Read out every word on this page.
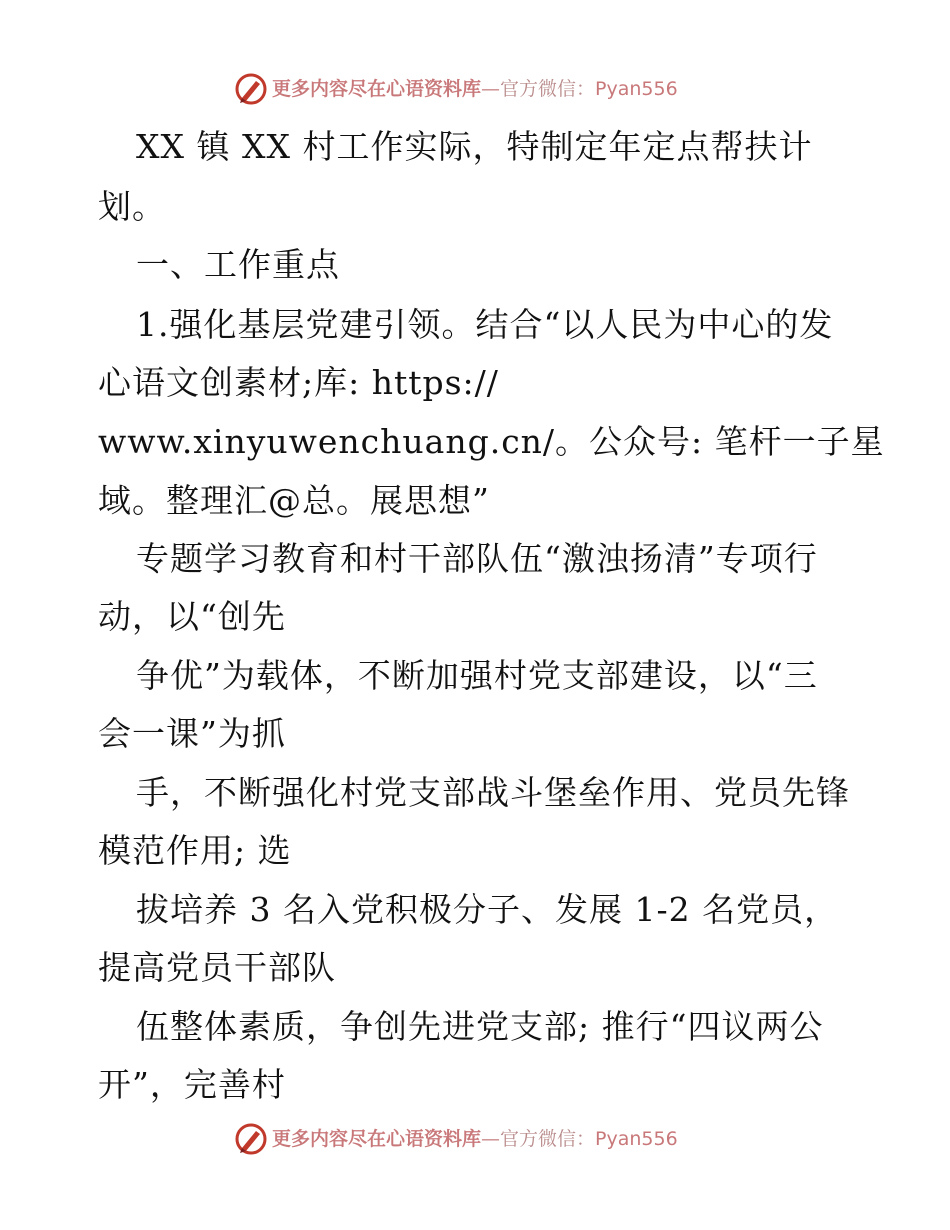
更多内容尽在心语资料库—官方微信：Pyan556
XX 镇 XX 村工作实际，特制定年定点帮扶计
划。
一、工作重点
1.强化基层党建引领。结合“以人民为中心的发
心语文创素材;库: https://
www.xinyuwenchuang.cn/。公众号: 笔杆一子星
域。整理汇@总。展思想”
专题学习教育和村干部队伍“激浊扬清”专项行
动，以“创先
争优”为载体，不断加强村党支部建设，以“三
会一课”为抓
手，不断强化村党支部战斗堡垒作用、党员先锋
模范作用; 选
拔培养 3 名入党积极分子、发展 1-2 名党员，
提高党员干部队
伍整体素质，争创先进党支部; 推行“四议两公
开”，完善村
更多内容尽在心语资料库—官方微信：Pyan556
